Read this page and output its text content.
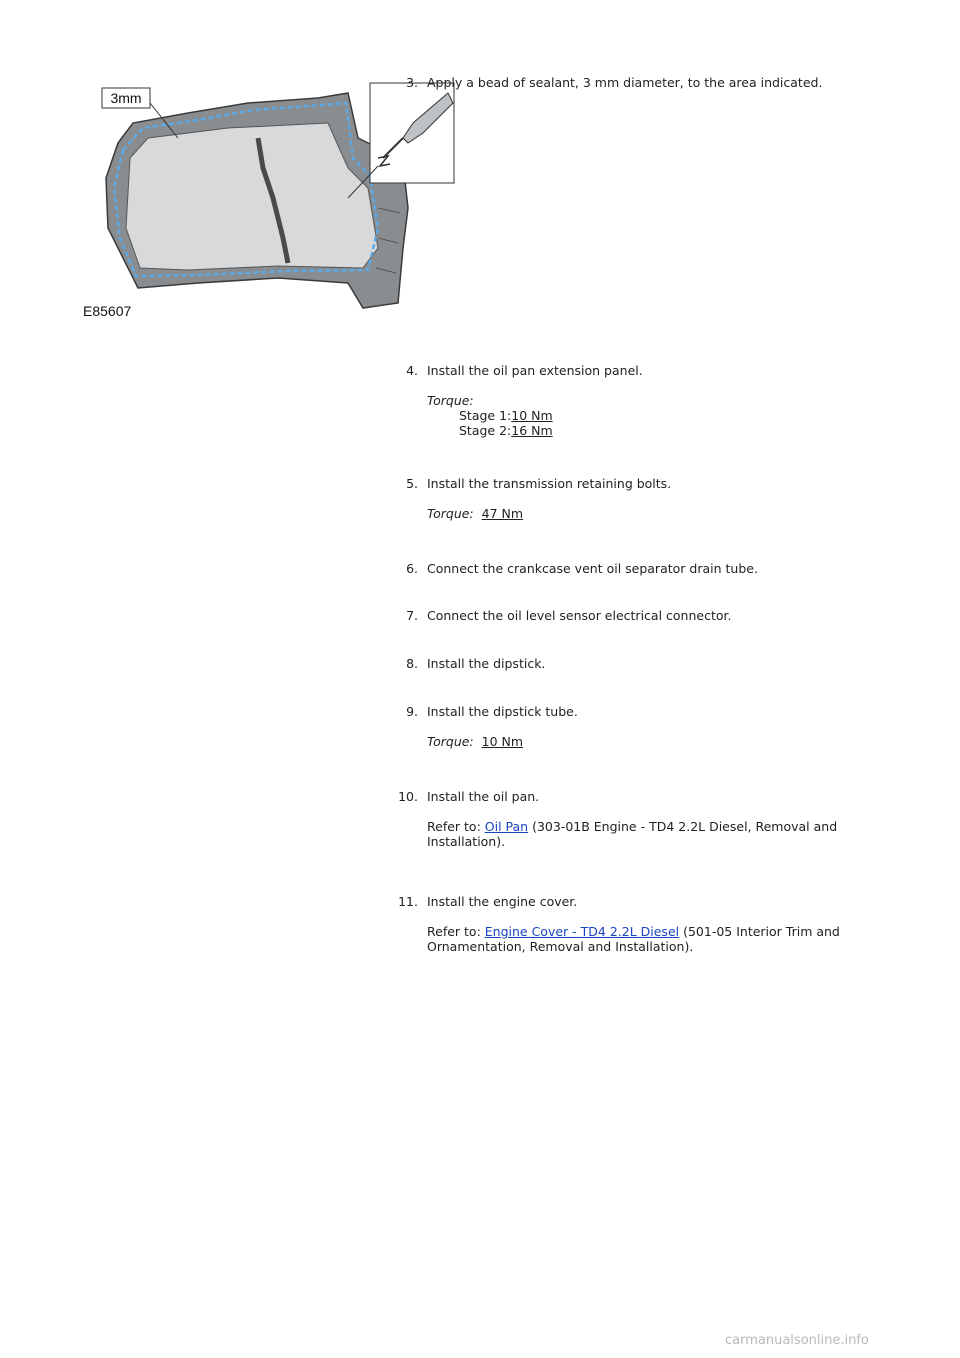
3mm
E85607
3. Apply a bead of sealant, 3 mm diameter, to the area indicated.
4. Install the oil pan extension panel.
Torque:
Stage 1:10 Nm
Stage 2:16 Nm
5. Install the transmission retaining bolts.
Torque: 47 Nm
6. Connect the crankcase vent oil separator drain tube.
7. Connect the oil level sensor electrical connector.
8. Install the dipstick.
9. Install the dipstick tube.
Torque: 10 Nm
10. Install the oil pan.
Refer to: Oil Pan (303-01B Engine - TD4 2.2L Diesel, Removal and Installation).
11. Install the engine cover.
Refer to: Engine Cover - TD4 2.2L Diesel (501-05 Interior Trim and Ornamentation, Removal and Installation).
carmanualsonline.info
